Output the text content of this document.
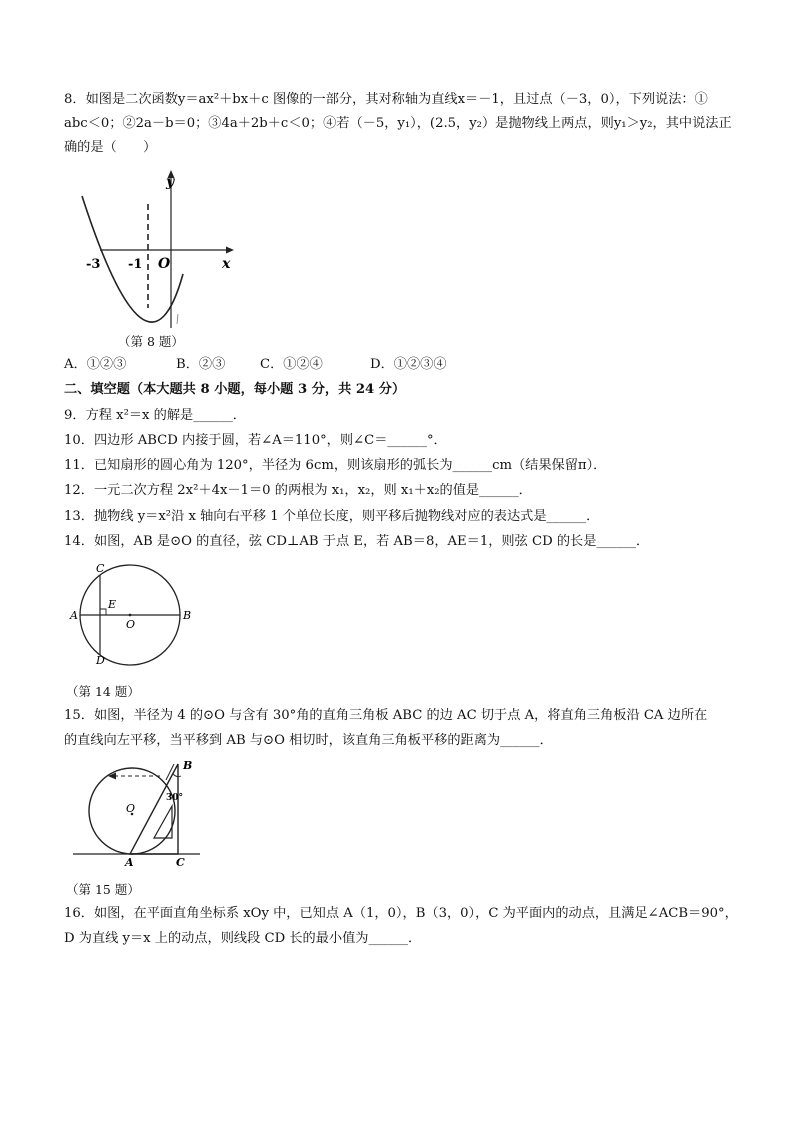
8．如图是二次函数y＝ax²＋bx＋c 图像的一部分，其对称轴为直线x＝－1，且过点（－3，0），下列说法：①
abc＜0；②2a－b＝0；③4a＋2b＋c＜0；④若（－5，y₁），(2.5，y₂）是抛物线上两点，则y₁＞y₂，其中说法正
确的是（　　）
y
x
O
-3 -1
（第 8 题）
A．①②③	B．②③	C．①②④	D．①②③④
二、填空题（本大题共 8 小题，每小题 3 分，共 24 分）
9．方程 x²＝x 的解是______．
10．四边形 ABCD 内接于圆，若∠A＝110°，则∠C＝______°．
11．已知扇形的圆心角为 120°，半径为 6cm，则该扇形的弧长为______cm（结果保留π）．
12．一元二次方程 2x²＋4x－1＝0 的两根为 x₁，x₂，则 x₁＋x₂的值是______．
13．抛物线 y＝x²沿 x 轴向右平移 1 个单位长度，则平移后抛物线对应的表达式是______．
14．如图，AB 是⊙O 的直径，弦 CD⊥AB 于点 E，若 AB＝8，AE＝1，则弦 CD 的长是______．
C
D
A	B
E
O
（第 14 题）
15．如图，半径为 4 的⊙O 与含有 30°角的直角三角板 ABC 的边 AC 切于点 A，将直角三角板沿 CA 边所在
的直线向左平移，当平移到 AB 与⊙O 相切时，该直角三角板平移的距离为______．
O
B
30°
A	C
（第 15 题）
16．如图，在平面直角坐标系 xOy 中，已知点 A（1，0），B（3，0），C 为平面内的动点，且满足∠ACB＝90°，
D 为直线 y＝x 上的动点，则线段 CD 长的最小值为______．
